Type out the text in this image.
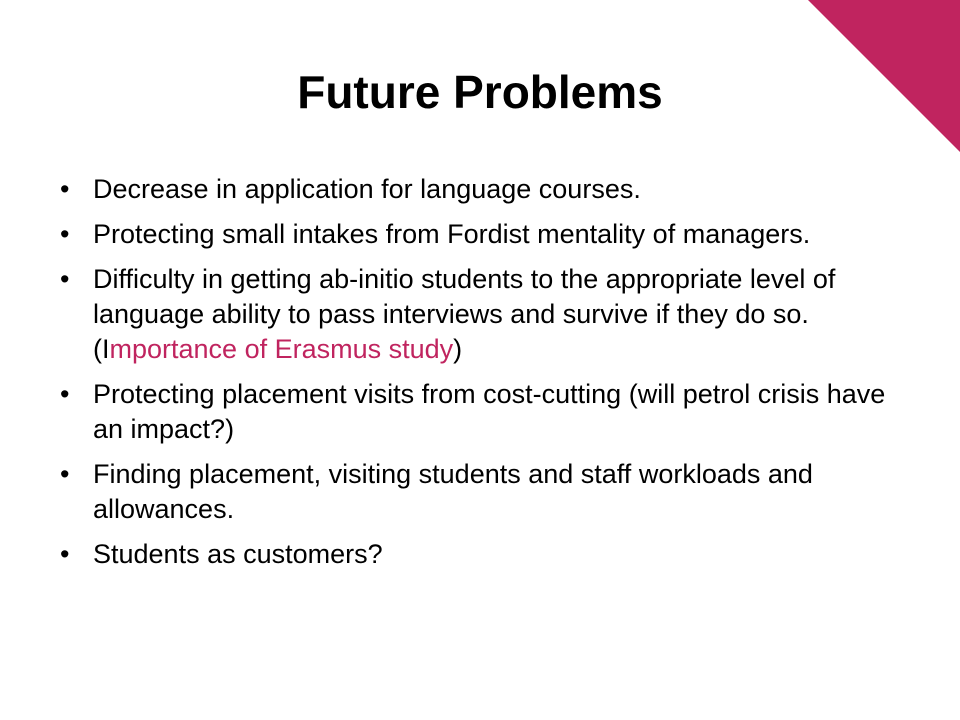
Future Problems
• Decrease in application for language courses.
• Protecting small intakes from Fordist mentality of managers.
• Difficulty in getting ab-initio students to the appropriate level of language ability to pass interviews and survive if they do so. (Importance of Erasmus study)
• Protecting placement visits from cost-cutting (will petrol crisis have an impact?)
• Finding placement, visiting students and staff workloads and allowances.
• Students as customers?
